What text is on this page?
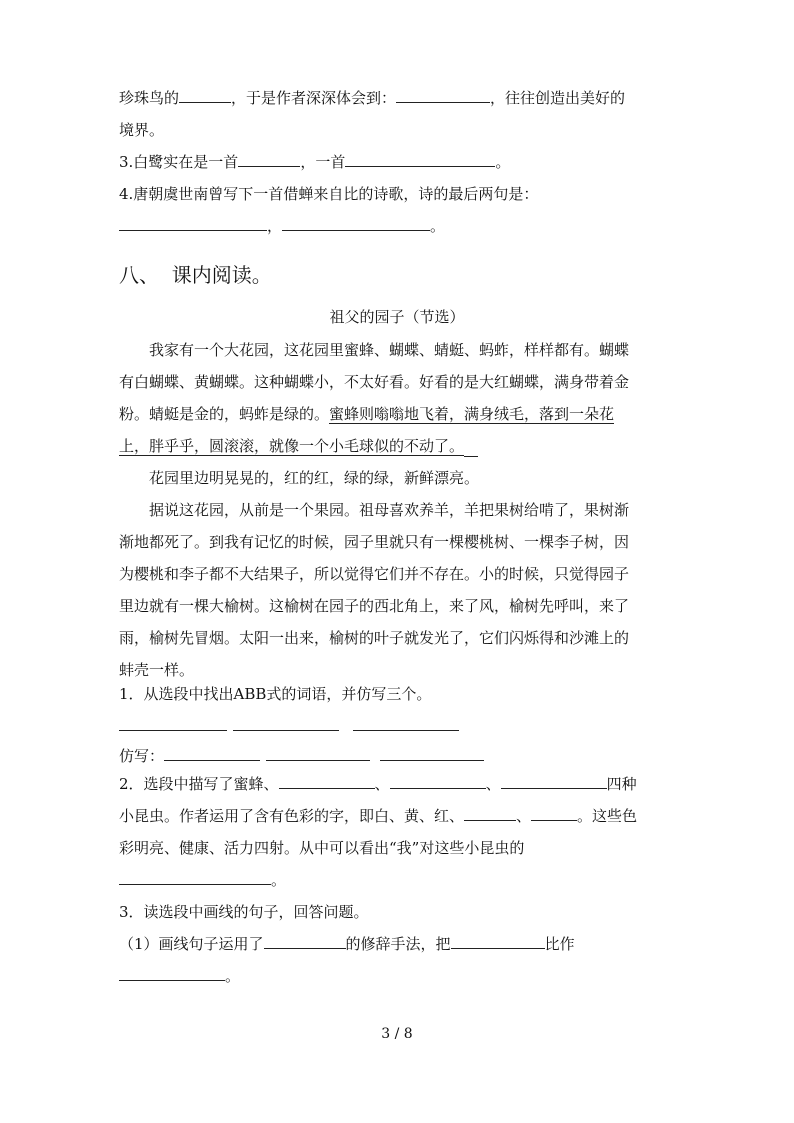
珍珠鸟的	，于是作者深深体会到：	，往往创造出美好的
境界。
3.白鹭实在是一首	，一首	。
4.唐朝虞世南曾写下一首借蝉来自比的诗歌，诗的最后两句是：
，	。
八、 课内阅读。
祖父的园子（节选）
我家有一个大花园，这花园里蜜蜂、蝴蝶、蜻蜓、蚂蚱，样样都有。蝴蝶
有白蝴蝶、黄蝴蝶。这种蝴蝶小，不太好看。好看的是大红蝴蝶，满身带着金
粉。蜻蜓是金的，蚂蚱是绿的。蜜蜂则嗡嗡地飞着，满身绒毛，落到一朵花
上，胖乎乎，圆滚滚，就像一个小毛球似的不动了。
花园里边明晃晃的，红的红，绿的绿，新鲜漂亮。
据说这花园，从前是一个果园。祖母喜欢养羊，羊把果树给啃了，果树渐
渐地都死了。到我有记忆的时候，园子里就只有一棵樱桃树、一棵李子树，因
为樱桃和李子都不大结果子，所以觉得它们并不存在。小的时候，只觉得园子
里边就有一棵大榆树。这榆树在园子的西北角上，来了风，榆树先呼叫，来了
雨，榆树先冒烟。太阳一出来，榆树的叶子就发光了，它们闪烁得和沙滩上的
蚌壳一样。
1．从选段中找出ABB式的词语，并仿写三个。
仿写：
2．选段中描写了蜜蜂、	、	、	四种
小昆虫。作者运用了含有色彩的字，即白、黄、红、	、	。这些色
彩明亮、健康、活力四射。从中可以看出“我”对这些小昆虫的
。
3．读选段中画线的句子，回答问题。
（1）画线句子运用了	的修辞手法，把	比作
。
3 / 8
